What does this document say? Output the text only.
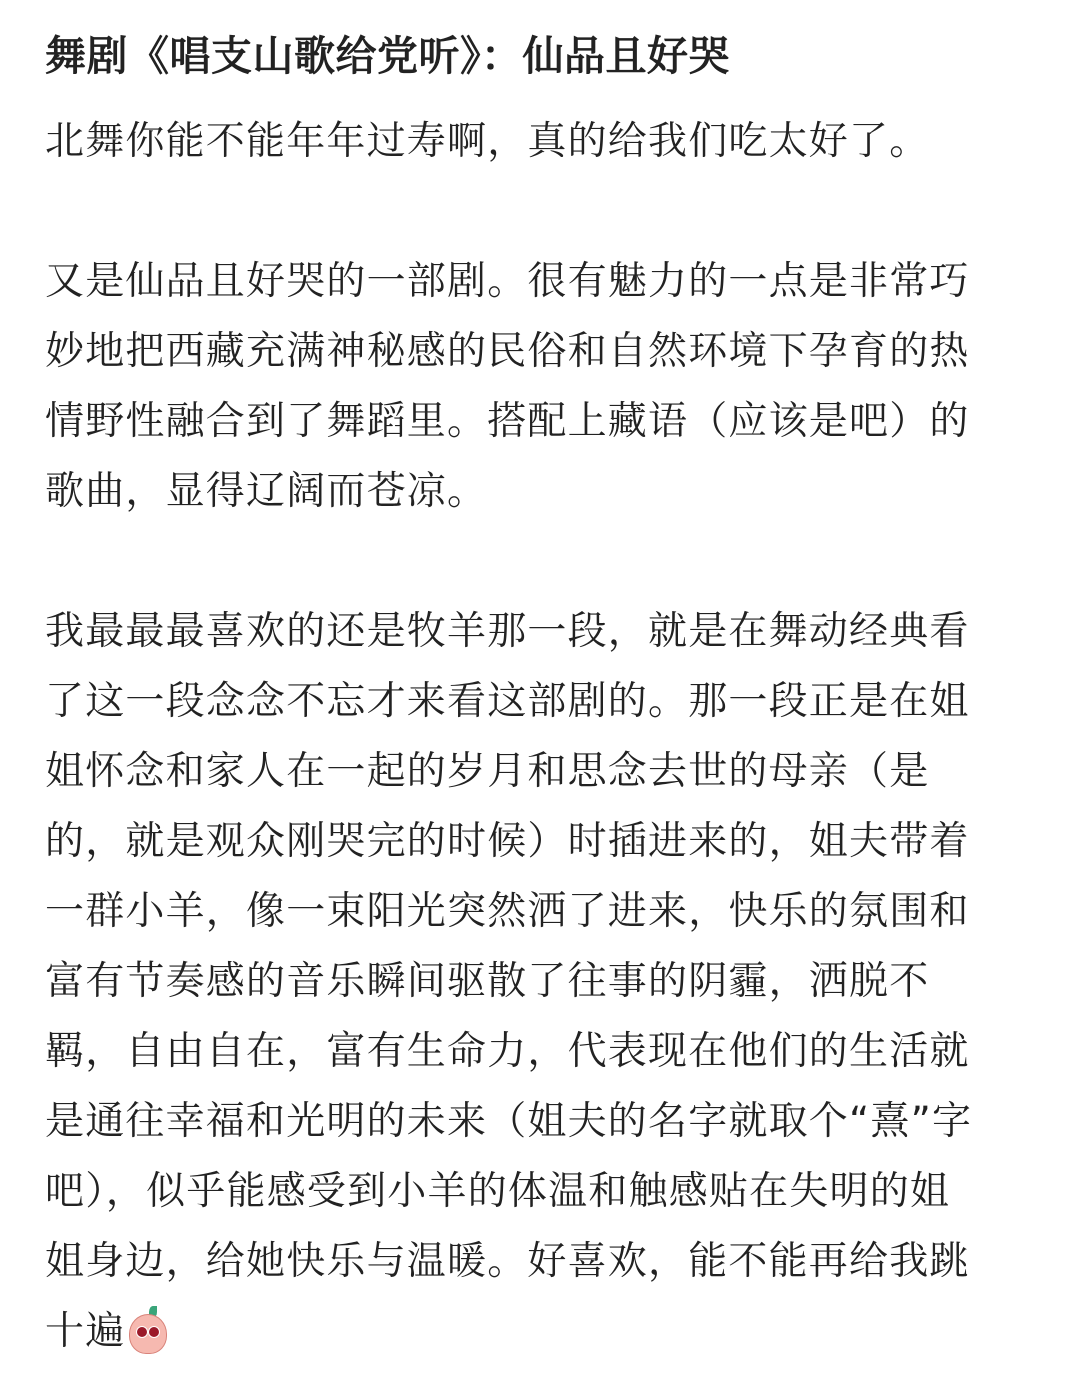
舞剧《唱支山歌给党听》：仙品且好哭
北舞你能不能年年过寿啊，真的给我们吃太好了。
又是仙品且好哭的一部剧。很有魅力的一点是非常巧
妙地把西藏充满神秘感的民俗和自然环境下孕育的热
情野性融合到了舞蹈里。搭配上藏语（应该是吧）的
歌曲，显得辽阔而苍凉。
我最最最喜欢的还是牧羊那一段，就是在舞动经典看
了这一段念念不忘才来看这部剧的。那一段正是在姐
姐怀念和家人在一起的岁月和思念去世的母亲（是
的，就是观众刚哭完的时候）时插进来的，姐夫带着
一群小羊，像一束阳光突然洒了进来，快乐的氛围和
富有节奏感的音乐瞬间驱散了往事的阴霾，洒脱不
羁，自由自在，富有生命力，代表现在他们的生活就
是通往幸福和光明的未来（姐夫的名字就取个“熹”字
吧），似乎能感受到小羊的体温和触感贴在失明的姐
姐身边，给她快乐与温暖。好喜欢，能不能再给我跳
十遍
